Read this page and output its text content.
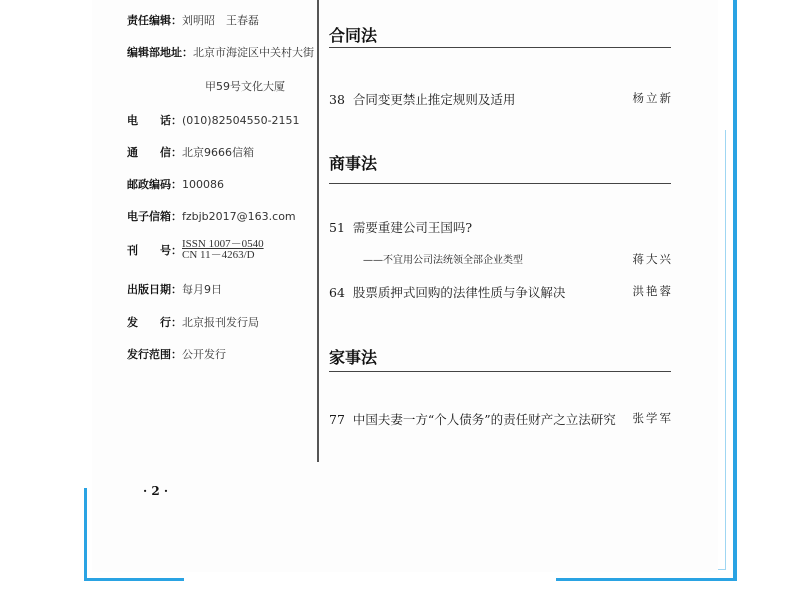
责任编辑：刘明昭　王春磊
编辑部地址：北京市海淀区中关村大街
甲59号文化大厦
电　　话：(010)82504550-2151
通　　信：北京9666信箱
邮政编码：100086
电子信箱：fzbjb2017@163.com
刊　　号： ISSN 1007－0540
CN 11－4263/D
出版日期：每月9日
发　　行：北京报刊发行局
发行范围：公开发行
合同法
38 合同变更禁止推定规则及适用	杨立新
商事法
51 需要重建公司王国吗?
——不宜用公司法统领全部企业类型	蒋大兴
64 股票质押式回购的法律性质与争议解决	洪艳蓉
家事法
77 中国夫妻一方“个人债务”的责任财产之立法研究 张学军
· 2 ·
